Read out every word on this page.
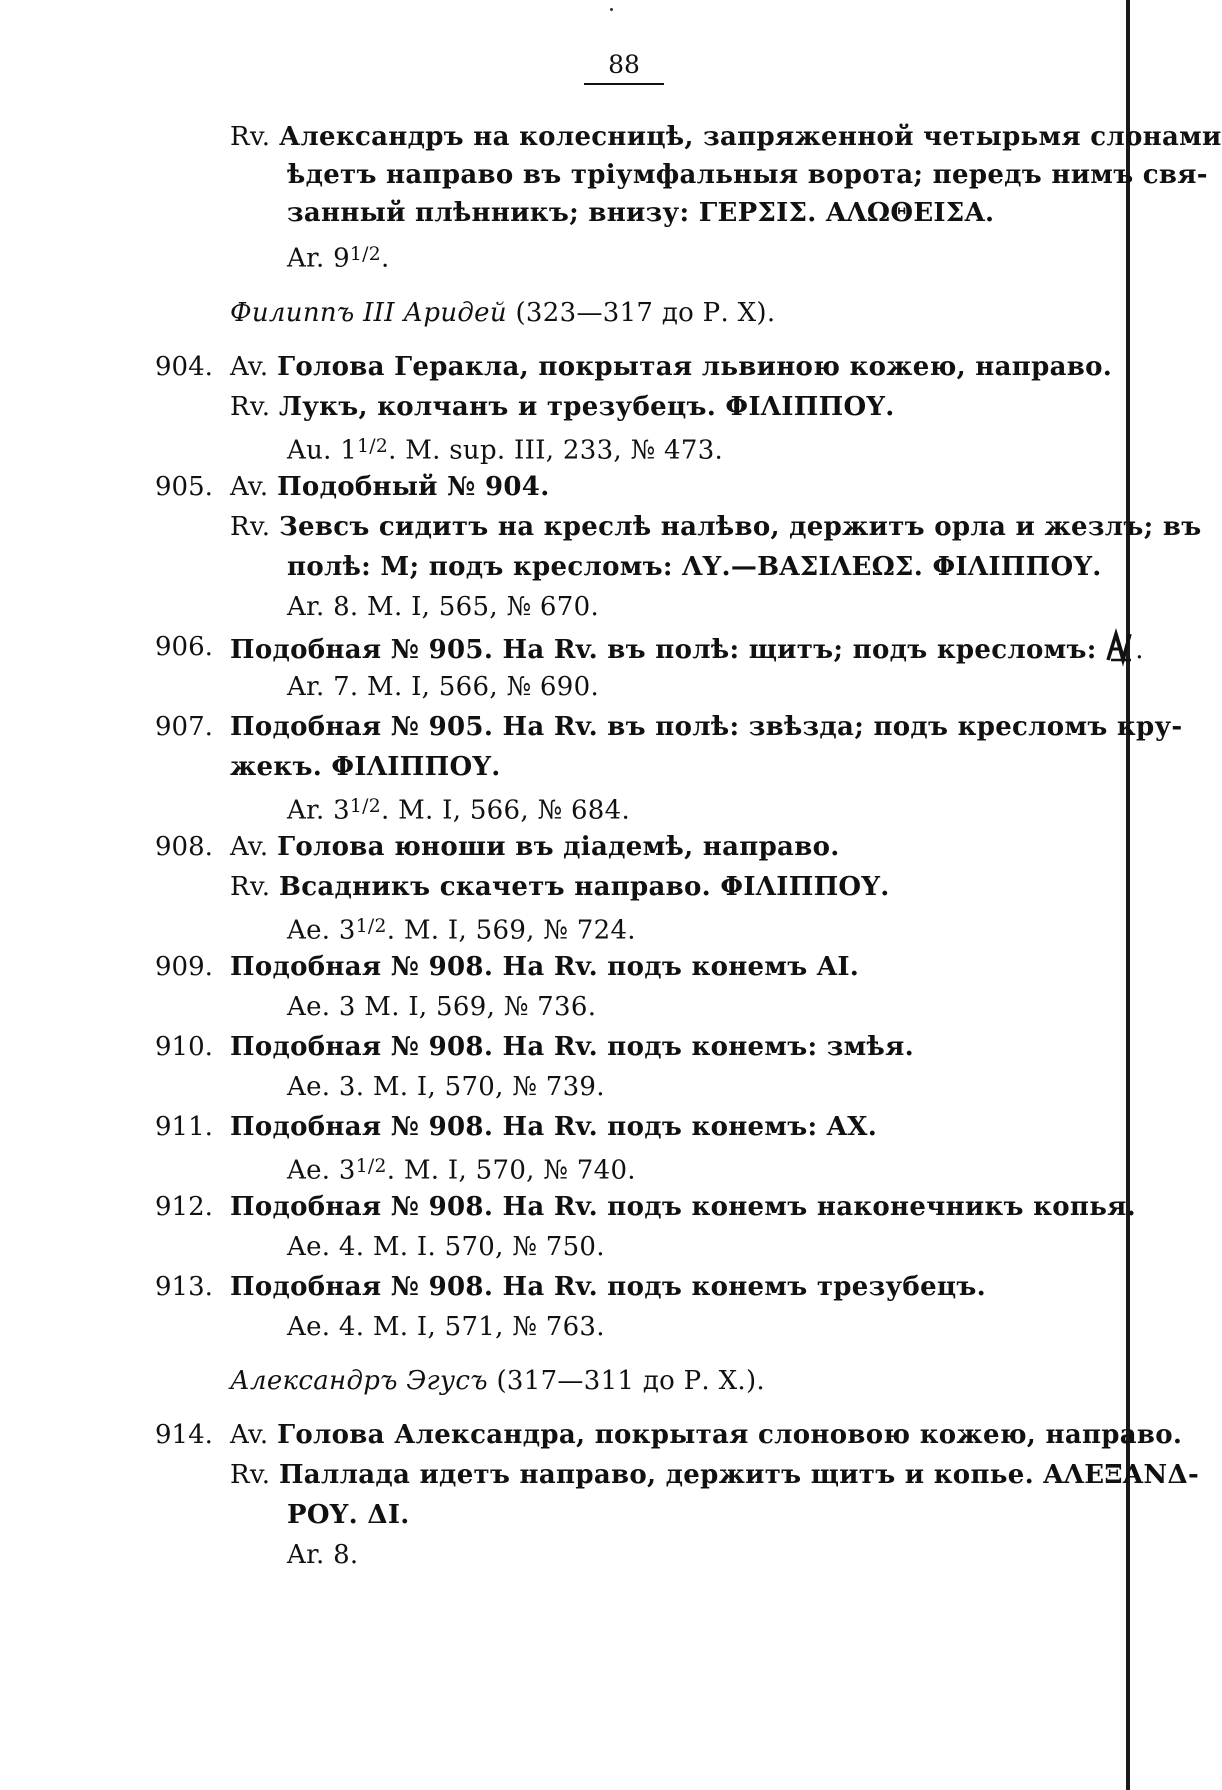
88
Rv. Александръ на колесницѣ, запряженной четырьмя слонами
ѣдетъ направо въ тріумфальныя ворота; передъ нимъ свя-
занный плѣнникъ; внизу: ΓΕΡΣΙΣ. ΑΛΩΘΕΙΣΑ.
Ar. $9^{1/2}$.
Филиппъ III Аридей (323—317 до Р. Х).
904. Av. Голова Геракла, покрытая львиною кожею, направо.
Rv. Лукъ, колчанъ и трезубецъ. ΦΙΛΙΠΠΟΥ.
Au. $1^{1/2}$. M. sup. III, 233, № 473.
905. Av. Подобный № 904.
Rv. Зевсъ сидитъ на креслѣ налѣво, держитъ орла и жезлъ; въ
полѣ: M; подъ кресломъ: ΛΥ.—ΒΑΣΙΛΕΩΣ. ΦΙΛΙΠΠΟΥ.
Ar. 8. M. I, 565, № 670.
906. Подобная № 905. На Rv. въ полѣ: щитъ; подъ кресломъ: .
Ar. 7. M. I, 566, № 690.
907. Подобная № 905. На Rv. въ полѣ: звѣзда; подъ кресломъ кру-
жекъ. ΦΙΛΙΠΠΟΥ.
Ar. $3^{1/2}$. M. I, 566, № 684.
908. Av. Голова юноши въ діадемѣ, направо.
Rv. Всадникъ скачетъ направо. ΦΙΛΙΠΠΟΥ.
Ae. $3^{1/2}$. M. I, 569, № 724.
909. Подобная № 908. На Rv. подъ конемъ ΑΙ.
Ae. 3 M. I, 569, № 736.
910. Подобная № 908. На Rv. подъ конемъ: змѣя.
Ae. 3. M. I, 570, № 739.
911. Подобная № 908. На Rv. подъ конемъ: ΑΧ.
Ae. $3^{1/2}$. M. I, 570, № 740.
912. Подобная № 908. На Rv. подъ конемъ наконечникъ копья.
Ae. 4. M. I. 570, № 750.
913. Подобная № 908. На Rv. подъ конемъ трезубецъ.
Ae. 4. M. I, 571, № 763.
Александръ Эгусъ (317—311 до Р. Х.).
914. Av. Голова Александра, покрытая слоновою кожею, направо.
Rv. Паллада идетъ направо, держитъ щитъ и копье. ΑΛΕΞΑΝΔ-
ΡΟΥ. ΔΙ.
Ar. 8.
